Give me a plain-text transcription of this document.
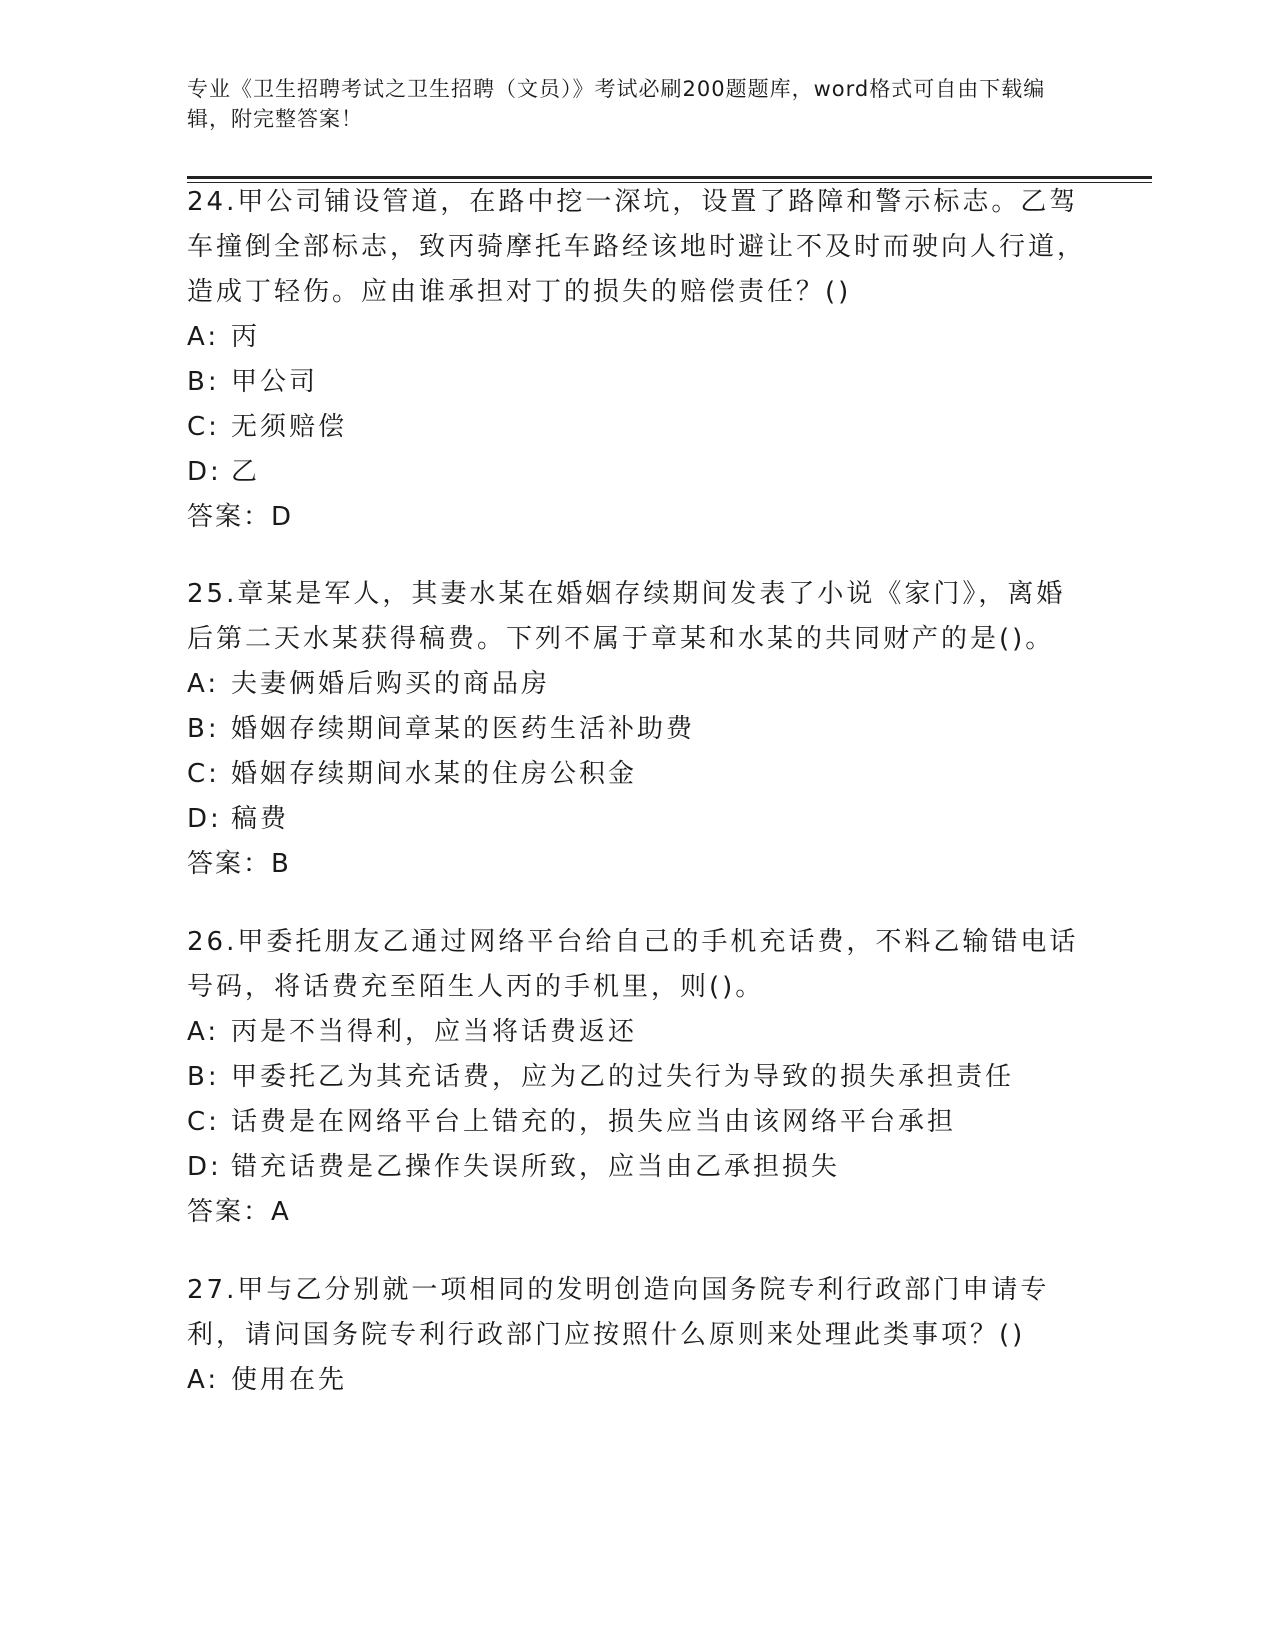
专业《卫生招聘考试之卫生招聘（文员）》考试必刷200题题库，word格式可自由下载编辑，附完整答案！

24.甲公司铺设管道，在路中挖一深坑，设置了路障和警示标志。乙驾车撞倒全部标志，致丙骑摩托车路经该地时避让不及时而驶向人行道，造成丁轻伤。应由谁承担对丁的损失的赔偿责任？()

A: 丙
B: 甲公司
C: 无须赔偿
D: 乙
答案：D

25.章某是军人，其妻水某在婚姻存续期间发表了小说《家门》，离婚后第二天水某获得稿费。下列不属于章某和水某的共同财产的是()。

A: 夫妻俩婚后购买的商品房
B: 婚姻存续期间章某的医药生活补助费
C: 婚姻存续期间水某的住房公积金
D: 稿费
答案：B

26.甲委托朋友乙通过网络平台给自己的手机充话费，不料乙输错电话号码，将话费充至陌生人丙的手机里，则()。

A: 丙是不当得利，应当将话费返还
B: 甲委托乙为其充话费，应为乙的过失行为导致的损失承担责任
C: 话费是在网络平台上错充的，损失应当由该网络平台承担
D: 错充话费是乙操作失误所致，应当由乙承担损失
答案：A

27.甲与乙分别就一项相同的发明创造向国务院专利行政部门申请专利，请问国务院专利行政部门应按照什么原则来处理此类事项？()

A: 使用在先
